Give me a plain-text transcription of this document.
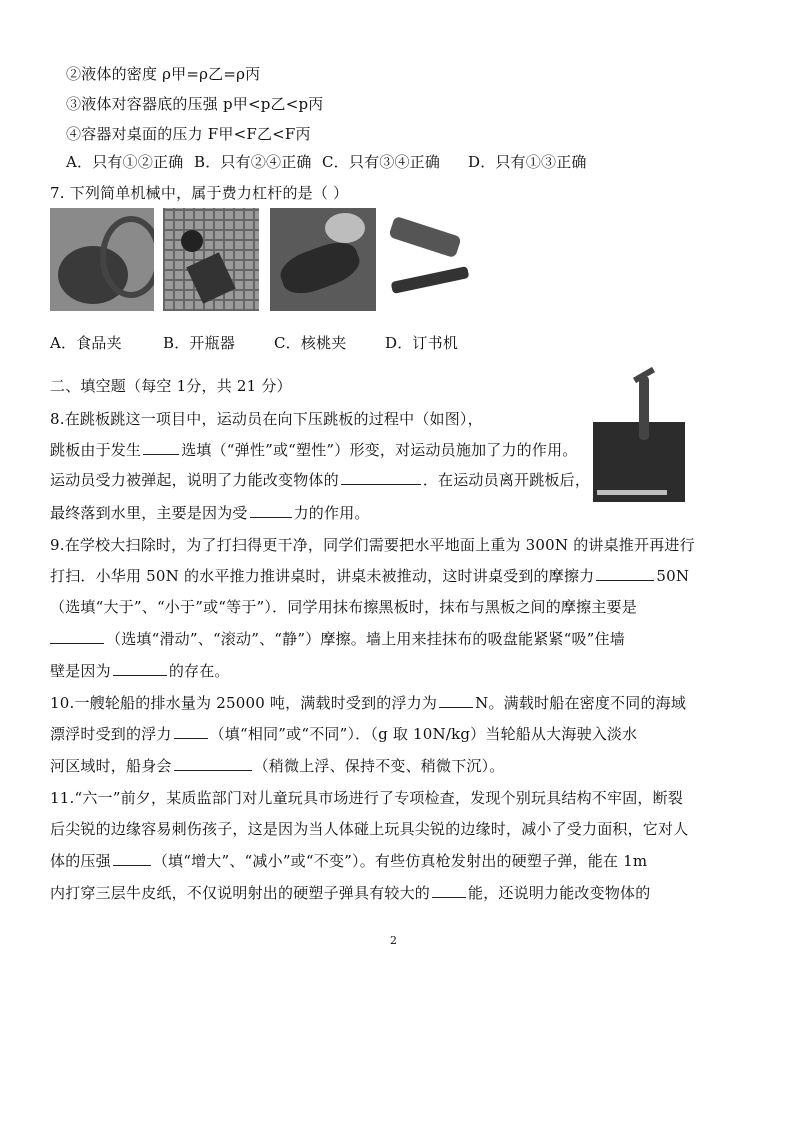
②液体的密度 ρ甲=ρ乙=ρ丙
③液体对容器底的压强 p甲<p乙<p丙
④容器对桌面的压力 F甲<F乙<F丙
A．只有①②正确 B．只有②④正确 C．只有③④正确 D．只有①③正确
7. 下列简单机械中，属于费力杠杆的是（ ）
A．食品夹	B．开瓶器	C．核桃夹	D．订书机
二、填空题（每空 1分，共 21 分）
8.在跳板跳这一项目中，运动员在向下压跳板的过程中（如图），
跳板由于发生	选填（“弹性”或“塑性”）形变，对运动员施加了力的作用。
运动员受力被弹起，说明了力能改变物体的	．在运动员离开跳板后，
最终落到水里，主要是因为受	力的作用。
9.在学校大扫除时，为了打扫得更干净，同学们需要把水平地面上重为 300N 的讲桌推开再进行
打扫．小华用 50N 的水平推力推讲桌时，讲桌未被推动，这时讲桌受到的摩擦力	50N
（选填“大于”、“小于”或“等于”）．同学用抹布擦黑板时，抹布与黑板之间的摩擦主要是
（选填“滑动”、“滚动”、“静”）摩擦。墙上用来挂抹布的吸盘能紧紧“吸”住墙
壁是因为	的存在。
10.一艘轮船的排水量为 25000 吨，满载时受到的浮力为	N。满载时船在密度不同的海域
漂浮时受到的浮力	（填“相同”或“不同”）．（g 取 10N/kg）当轮船从大海驶入淡水
河区域时，船身会	（稍微上浮、保持不变、稍微下沉）。
11.“六一”前夕，某质监部门对儿童玩具市场进行了专项检查，发现个别玩具结构不牢固，断裂
后尖锐的边缘容易刺伤孩子，这是因为当人体碰上玩具尖锐的边缘时，减小了受力面积，它对人
体的压强	（填“增大”、“减小”或“不变”）。有些仿真枪发射出的硬塑子弹，能在 1m
内打穿三层牛皮纸，不仅说明射出的硬塑子弹具有较大的	能，还说明力能改变物体的
2
